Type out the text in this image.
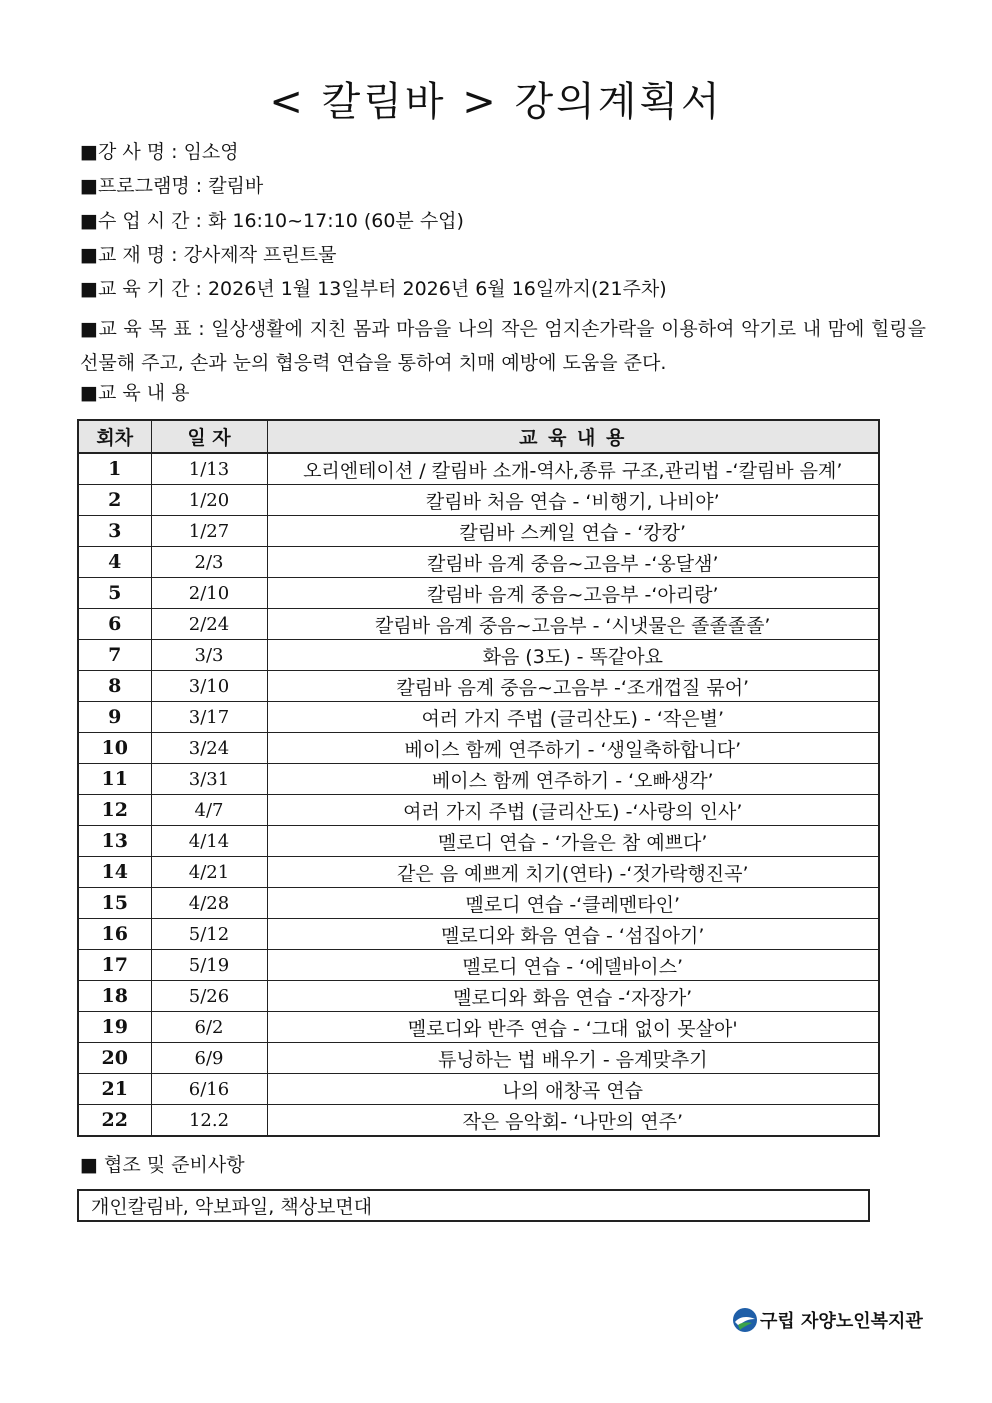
< 칼림바 > 강의계획서
■강 사 명 : 임소영
■프로그램명 : 칼림바
■수 업 시 간 : 화 16:10~17:10 (60분 수업)
■교 재 명 : 강사제작 프린트물
■교 육 기 간 : 2026년 1월 13일부터 2026년 6월 16일까지(21주차)
■교 육 목 표 : 일상생활에 지친 몸과 마음을 나의 작은 엄지손가락을 이용하여 악기로 내 맘에 힐링을 선물해 주고, 손과 눈의 협응력 연습을 통하여 치매 예방에 도움을 준다.
■교 육 내 용
회차	일 자	교 육 내 용
1	1/13	오리엔테이션 / 칼림바 소개-역사,종류 구조,관리법 -‘칼림바 음계’
2	1/20	칼림바 처음 연습 - ‘비행기, 나비야’
3	1/27	칼림바 스케일 연습 - ‘캉캉’
4	2/3	칼림바 음계 중음~고음부 -‘옹달샘’
5	2/10	칼림바 음계 중음~고음부 -‘아리랑’
6	2/24	칼림바 음계 중음~고음부 - ‘시냇물은 졸졸졸졸’
7	3/3	화음 (3도) - 똑같아요
8	3/10	칼림바 음계 중음~고음부 -‘조개껍질 묶어’
9	3/17	여러 가지 주법 (글리산도) - ‘작은별’
10	3/24	베이스 함께 연주하기 - ‘생일축하합니다’
11	3/31	베이스 함께 연주하기 - ‘오빠생각’
12	4/7	여러 가지 주법 (글리산도) -‘사랑의 인사’
13	4/14	멜로디 연습 - ‘가을은 참 예쁘다’
14	4/21	같은 음 예쁘게 치기(연타) -‘젓가락행진곡’
15	4/28	멜로디 연습 -‘클레멘타인’
16	5/12	멜로디와 화음 연습 - ‘섬집아기’
17	5/19	멜로디 연습 - ‘에델바이스’
18	5/26	멜로디와 화음 연습 -‘자장가’
19	6/2	멜로디와 반주 연습 - ‘그대 없이 못살아'
20	6/9	튜닝하는 법 배우기 - 음계맞추기
21	6/16	나의 애창곡 연습
22	12.2	작은 음악회- ‘나만의 연주’
■ 협조 및 준비사항
개인칼림바, 악보파일, 책상보면대
구립 자양노인복지관
